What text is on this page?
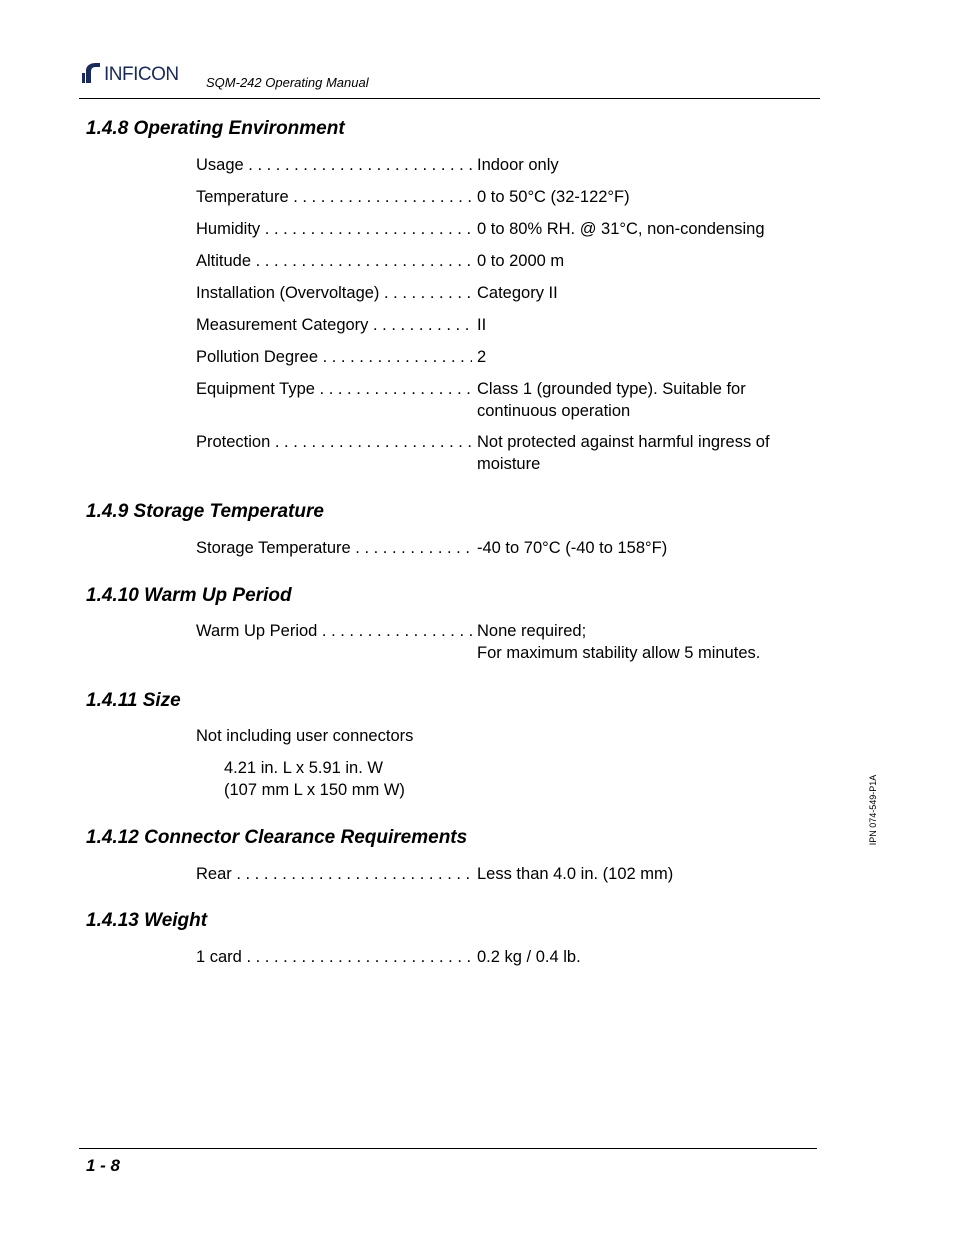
INFICON SQM-242 Operating Manual
1.4.8 Operating Environment
Usage . . .	Indoor only
Temperature . . .	0 to 50°C (32-122°F)
Humidity . . .	0 to 80% RH. @ 31°C, non-condensing
Altitude . . .	0 to 2000 m
Installation (Overvoltage) . . .	Category II
Measurement Category . . .	II
Pollution Degree . . .	2
Equipment Type . . .	Class 1 (grounded type). Suitable for
continuous operation
Protection . . .	Not protected against harmful ingress of
moisture
1.4.9 Storage Temperature
Storage Temperature . . .	-40 to 70°C (-40 to 158°F)
1.4.10 Warm Up Period
Warm Up Period . . .	None required;
For maximum stability allow 5 minutes.
1.4.11 Size
Not including user connectors
4.21 in. L x 5.91 in. W
(107 mm L x 150 mm W)
1.4.12 Connector Clearance Requirements
Rear . . .	Less than 4.0 in. (102 mm)
1.4.13 Weight
1 card . . .	0.2 kg / 0.4 lb.
IPN 074-549-P1A
1 - 8
